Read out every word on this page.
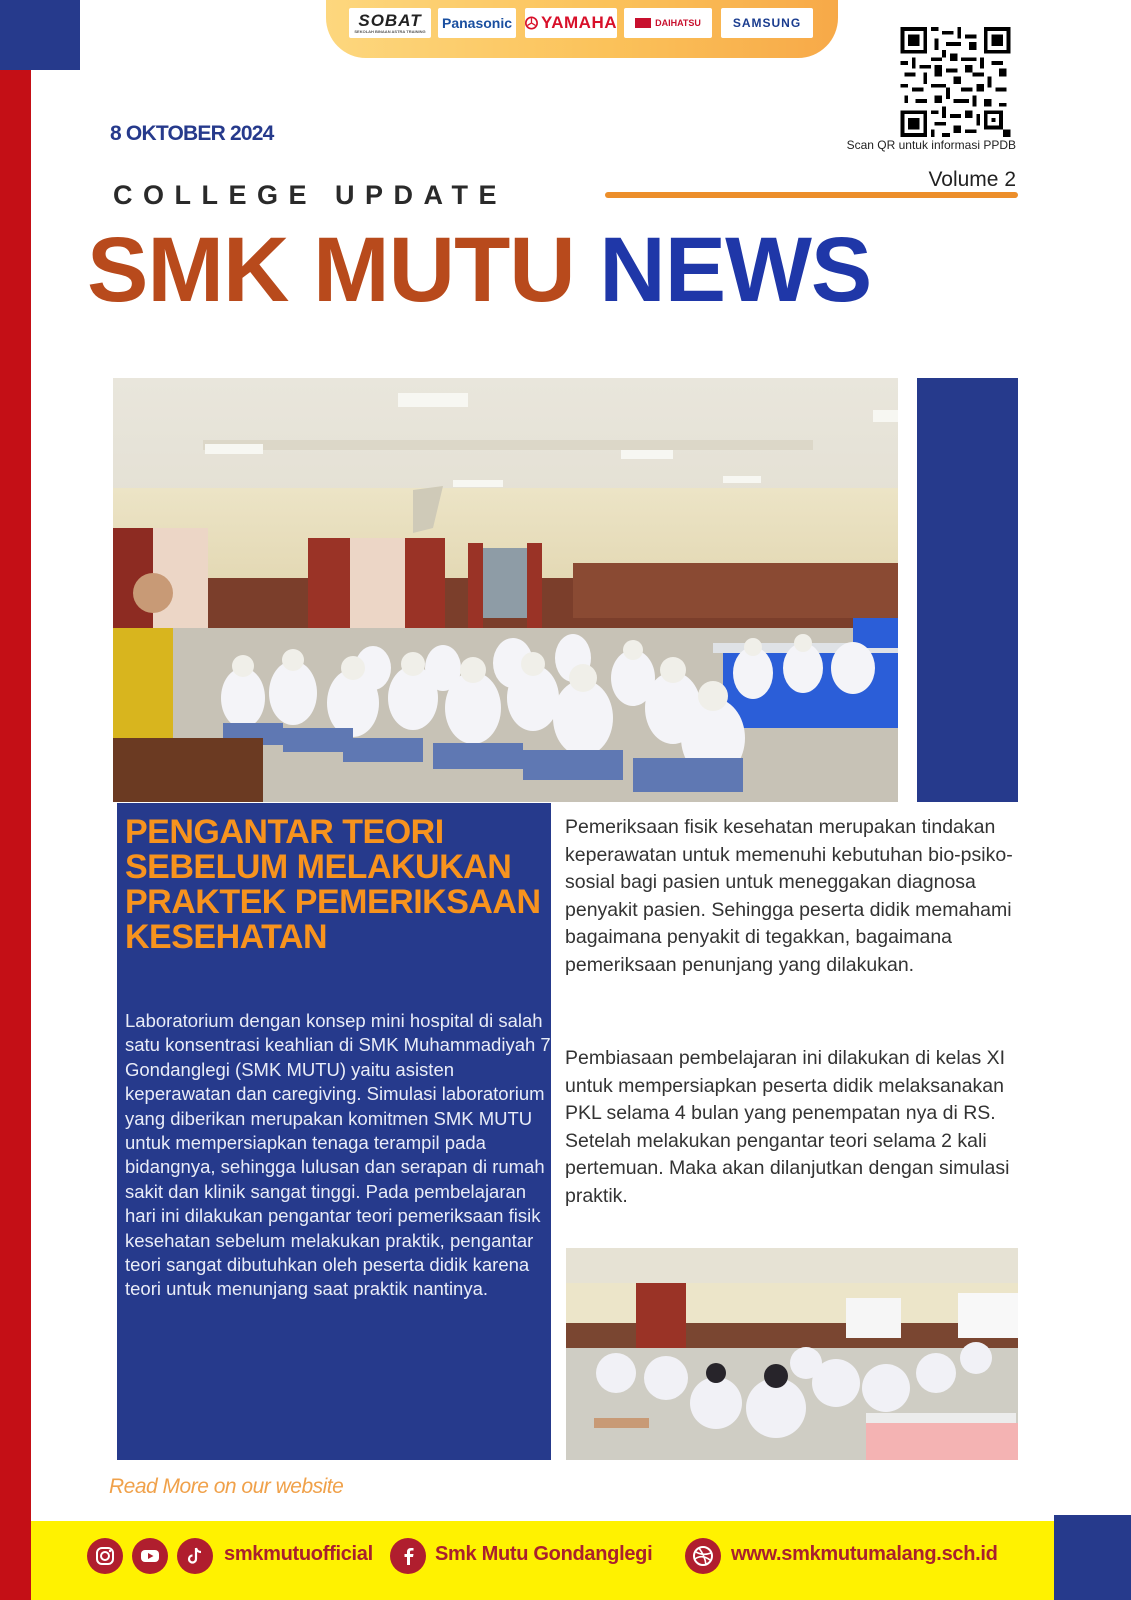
SOBAT
SEKOLAH BINAAN ASTRA TRAINING Panasonic YAMAHA	DAIHATSU	SAMSUNG
Scan QR untuk informasi PPDB
8 OKTOBER 2024
COLLEGE UPDATE
Volume 2
SMK MUTU NEWS
PENGANTAR TEORI SEBELUM MELAKUKAN PRAKTEK PEMERIKSAAN KESEHATAN
Laboratorium dengan konsep mini hospital di salah satu konsentrasi keahlian di SMK Muhammadiyah 7 Gondanglegi (SMK MUTU) yaitu asisten keperawatan dan caregiving. Simulasi laboratorium yang diberikan merupakan komitmen SMK MUTU untuk mempersiapkan tenaga terampil pada bidangnya, sehingga lulusan dan serapan di rumah sakit dan klinik sangat tinggi. Pada pembelajaran hari ini dilakukan pengantar teori pemeriksaan fisik kesehatan sebelum melakukan praktik, pengantar teori sangat dibutuhkan oleh peserta didik karena teori untuk menunjang saat praktik nantinya.
Pemeriksaan fisik kesehatan merupakan tindakan keperawatan untuk memenuhi kebutuhan bio-psiko-sosial bagi pasien untuk meneggakan diagnosa penyakit pasien. Sehingga peserta didik memahami bagaimana penyakit di tegakkan, bagaimana pemeriksaan penunjang yang dilakukan.
Pembiasaan pembelajaran ini dilakukan di kelas XI untuk mempersiapkan peserta didik melaksanakan PKL selama 4 bulan yang penempatan nya di RS. Setelah melakukan pengantar teori selama 2 kali pertemuan. Maka akan dilanjutkan dengan simulasi praktik.
Read More on our website
smkmutuofficial	Smk Mutu Gondanglegi	www.smkmutumalang.sch.id
